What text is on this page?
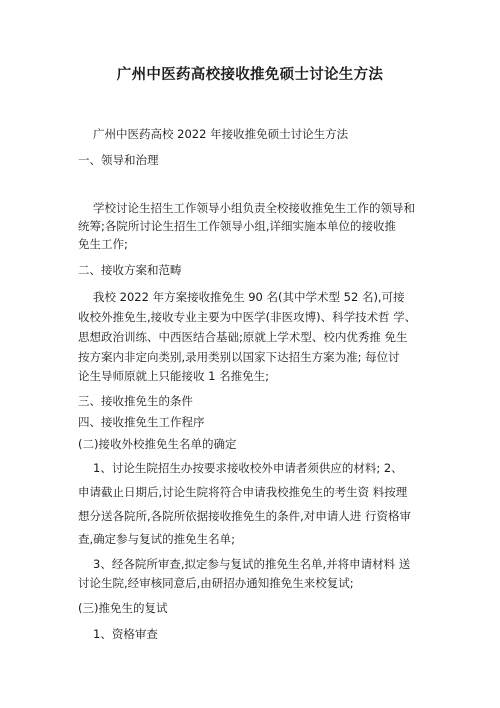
广州中医药高校接收推免硕士讨论生方法
广州中医药高校 2022 年接收推免硕士讨论生方法
一、领导和治理
学校讨论生招生工作领导小组负责全校接收推免生工作的领导和
统筹;各院所讨论生招生工作领导小组,详细实施本单位的接收推
免生工作;
二、接收方案和范畴
我校 2022 年方案接收推免生 90 名(其中学术型 52 名),可接
收校外推免生,接收专业主要为中医学(非医攻博)、科学技术哲 学、
思想政治训练、中西医结合基础;原就上学术型、校内优秀推 免生
按方案内非定向类别,录用类别以国家下达招生方案为准; 每位讨
论生导师原就上只能接收 1 名推免生;
三、接收推免生的条件
四、接收推免生工作程序
(二)接收外校推免生名单的确定
1、讨论生院招生办按要求接收校外申请者须供应的材料; 2、
申请截止日期后,讨论生院将符合申请我校推免生的考生资 料按理
想分送各院所,各院所依据接收推免生的条件,对申请人进 行资格审
查,确定参与复试的推免生名单;
3、经各院所审查,拟定参与复试的推免生名单,并将申请材料 送
讨论生院,经审核同意后,由研招办通知推免生来校复试;
(三)推免生的复试
1、资格审查
